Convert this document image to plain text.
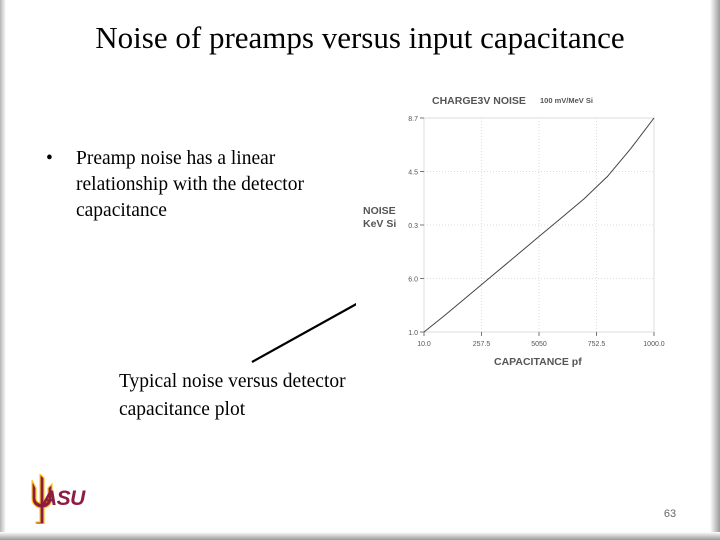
Noise of preamps versus input capacitance
•	Preamp noise has a linear relationship with the detector capacitance
Typical noise versus detector capacitance plot
CHARGE3V NOISE 100 mV/MeV Si
NOISE
KeV Si
CAPACITANCE pf
10.0	257.5	5050	752.5	1000.0
1.0
6.0
0.3
4.5
8.7
ASU
63
